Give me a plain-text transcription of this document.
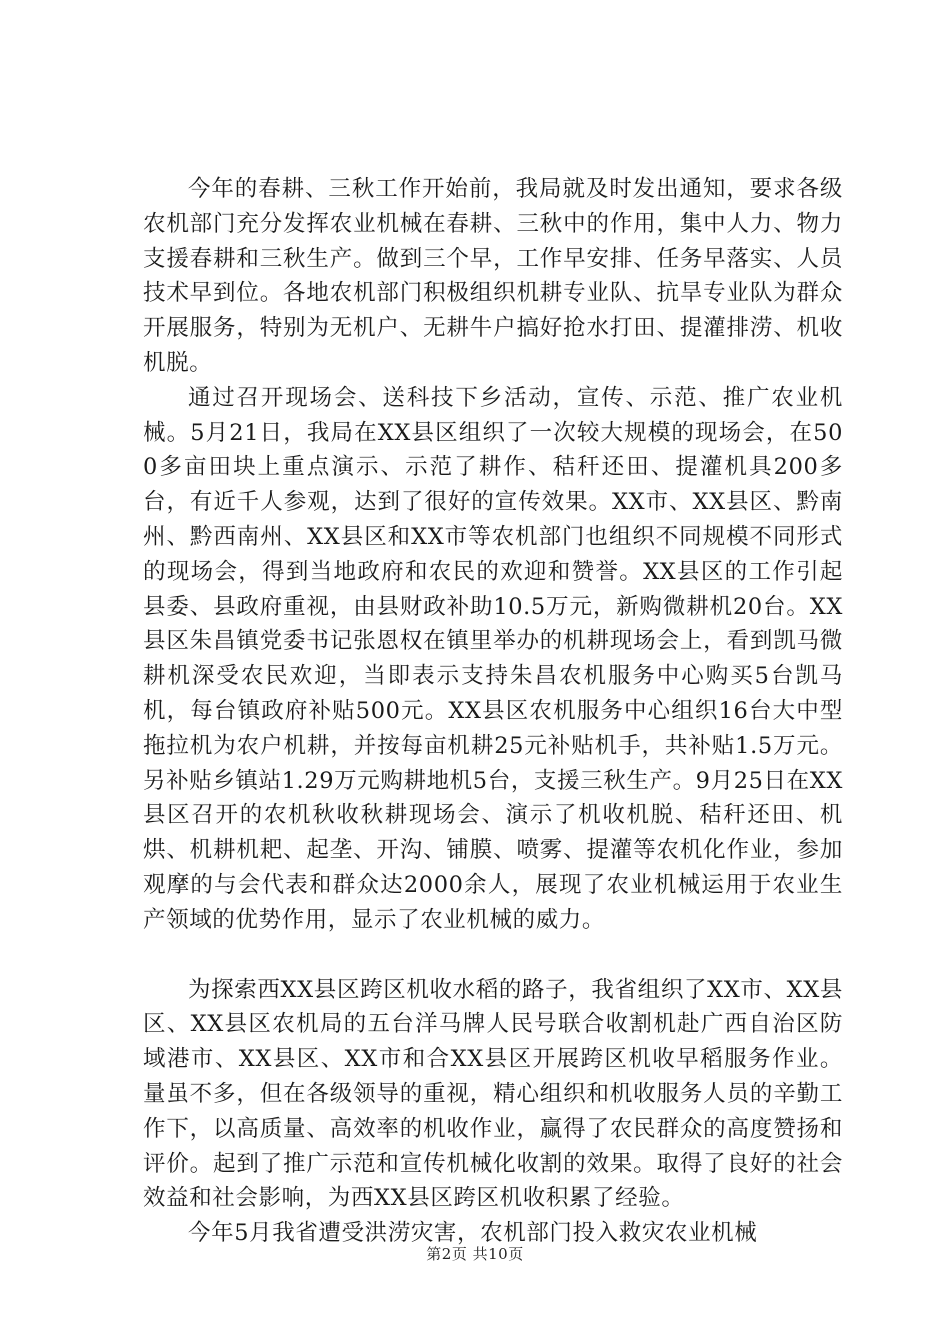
今年的春耕、三秋工作开始前，我局就及时发出通知，要求各级农机部门充分发挥农业机械在春耕、三秋中的作用，集中人力、物力支援春耕和三秋生产。做到三个早，工作早安排、任务早落实、人员技术早到位。各地农机部门积极组织机耕专业队、抗旱专业队为群众开展服务，特别为无机户、无耕牛户搞好抢水打田、提灌排涝、机收机脱。

通过召开现场会、送科技下乡活动，宣传、示范、推广农业机械。5月21日，我局在XX县区组织了一次较大规模的现场会，在500多亩田块上重点演示、示范了耕作、秸秆还田、提灌机具200多台，有近千人参观，达到了很好的宣传效果。XX市、XX县区、黔南州、黔西南州、XX县区和XX市等农机部门也组织不同规模不同形式的现场会，得到当地政府和农民的欢迎和赞誉。XX县区的工作引起县委、县政府重视，由县财政补助10.5万元，新购微耕机20台。XX县区朱昌镇党委书记张恩权在镇里举办的机耕现场会上，看到凯马微耕机深受农民欢迎，当即表示支持朱昌农机服务中心购买5台凯马机，每台镇政府补贴500元。XX县区农机服务中心组织16台大中型拖拉机为农户机耕，并按每亩机耕25元补贴机手，共补贴1.5万元。另补贴乡镇站1.29万元购耕地机5台，支援三秋生产。9月25日在XX县区召开的农机秋收秋耕现场会、演示了机收机脱、秸秆还田、机烘、机耕机耙、起垄、开沟、铺膜、喷雾、提灌等农机化作业，参加观摩的与会代表和群众达2000余人，展现了农业机械运用于农业生产领域的优势作用，显示了农业机械的威力。

为探索西XX县区跨区机收水稻的路子，我省组织了XX市、XX县区、XX县区农机局的五台洋马牌人民号联合收割机赴广西自治区防域港市、XX县区、XX市和合XX县区开展跨区机收早稻服务作业。量虽不多，但在各级领导的重视，精心组织和机收服务人员的辛勤工作下，以高质量、高效率的机收作业，赢得了农民群众的高度赞扬和评价。起到了推广示范和宣传机械化收割的效果。取得了良好的社会效益和社会影响，为西XX县区跨区机收积累了经验。

今年5月我省遭受洪涝灾害，农机部门投入救灾农业机械

第2页 共10页
